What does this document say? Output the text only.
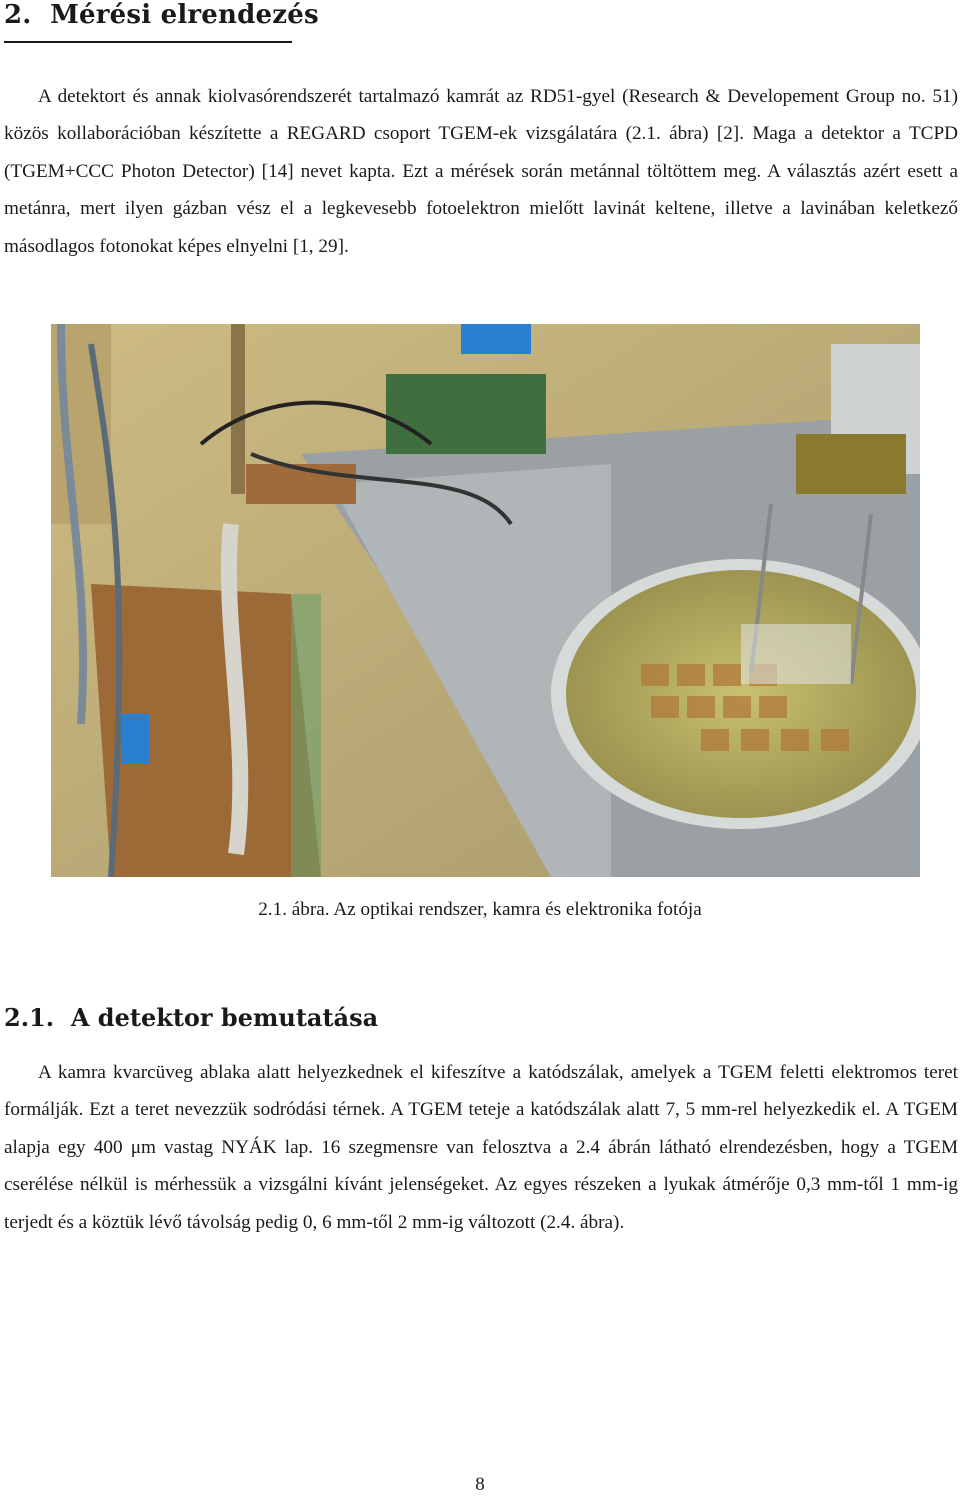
2. Mérési elrendezés

A detektort és annak kiolvasórendszerét tartalmazó kamrát az RD51-gyel (Research & Developement Group no. 51) közös kollaborációban készítette a REGARD csoport TGEM-ek vizsgálatára (2.1. ábra) [2]. Maga a detektor a TCPD (TGEM+CCC Photon Detector) [14] nevet kapta. Ezt a mérések során metánnal töltöttem meg. A választás azért esett a metánra, mert ilyen gázban vész el a legkevesebb fotoelektron mielőtt lavinát keltene, illetve a lavinában keletkező másodlagos fotonokat képes elnyelni [1, 29].

2.1. ábra. Az optikai rendszer, kamra és elektronika fotója
2.1. A detektor bemutatása

A kamra kvarcüveg ablaka alatt helyezkednek el kifeszítve a katódszálak, amelyek a TGEM feletti elektromos teret formálják. Ezt a teret nevezzük sodródási térnek. A TGEM teteje a katódszálak alatt 7, 5 mm-rel helyezkedik el. A TGEM alapja egy 400 μm vastag NYÁK lap. 16 szegmensre van felosztva a 2.4 ábrán látható elrendezésben, hogy a TGEM cserélése nélkül is mérhessük a vizsgálni kívánt jelenségeket. Az egyes részeken a lyukak átmérője 0,3 mm-től 1 mm-ig terjedt és a köztük lévő távolság pedig 0, 6 mm-től 2 mm-ig változott (2.4. ábra).

8
